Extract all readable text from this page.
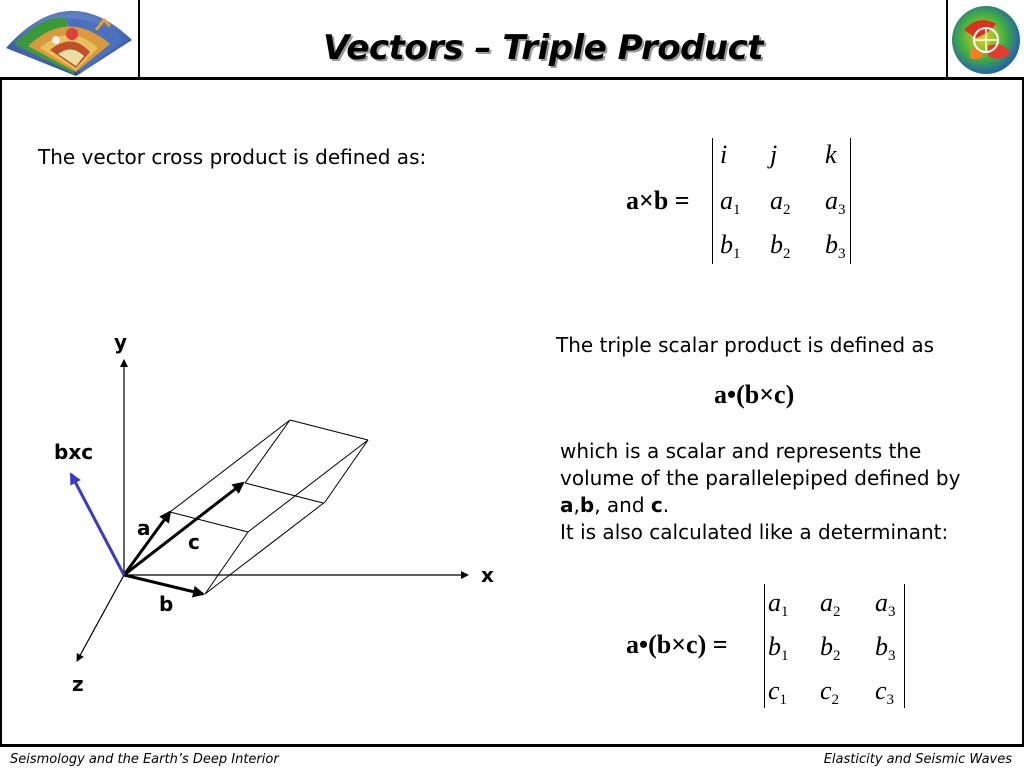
Vectors – Triple Product
The vector cross product is defined as:
a×b =
i j k
$a_1$ $a_2$ $a_3$
$b_1$ $b_2$ $b_3$
The triple scalar product is defined as
a•(b×c)
which is a scalar and represents the
volume of the parallelepiped defined by
a,b, and c.
It is also calculated like a determinant:
a•(b×c) =
$a_1$ $a_2$ $a_3$
$b_1$ $b_2$ $b_3$
$c_1$ $c_2$ $c_3$
y
x
z
bxc
a
c
b
Seismology and the Earth’s Deep Interior	Elasticity and Seismic Waves
